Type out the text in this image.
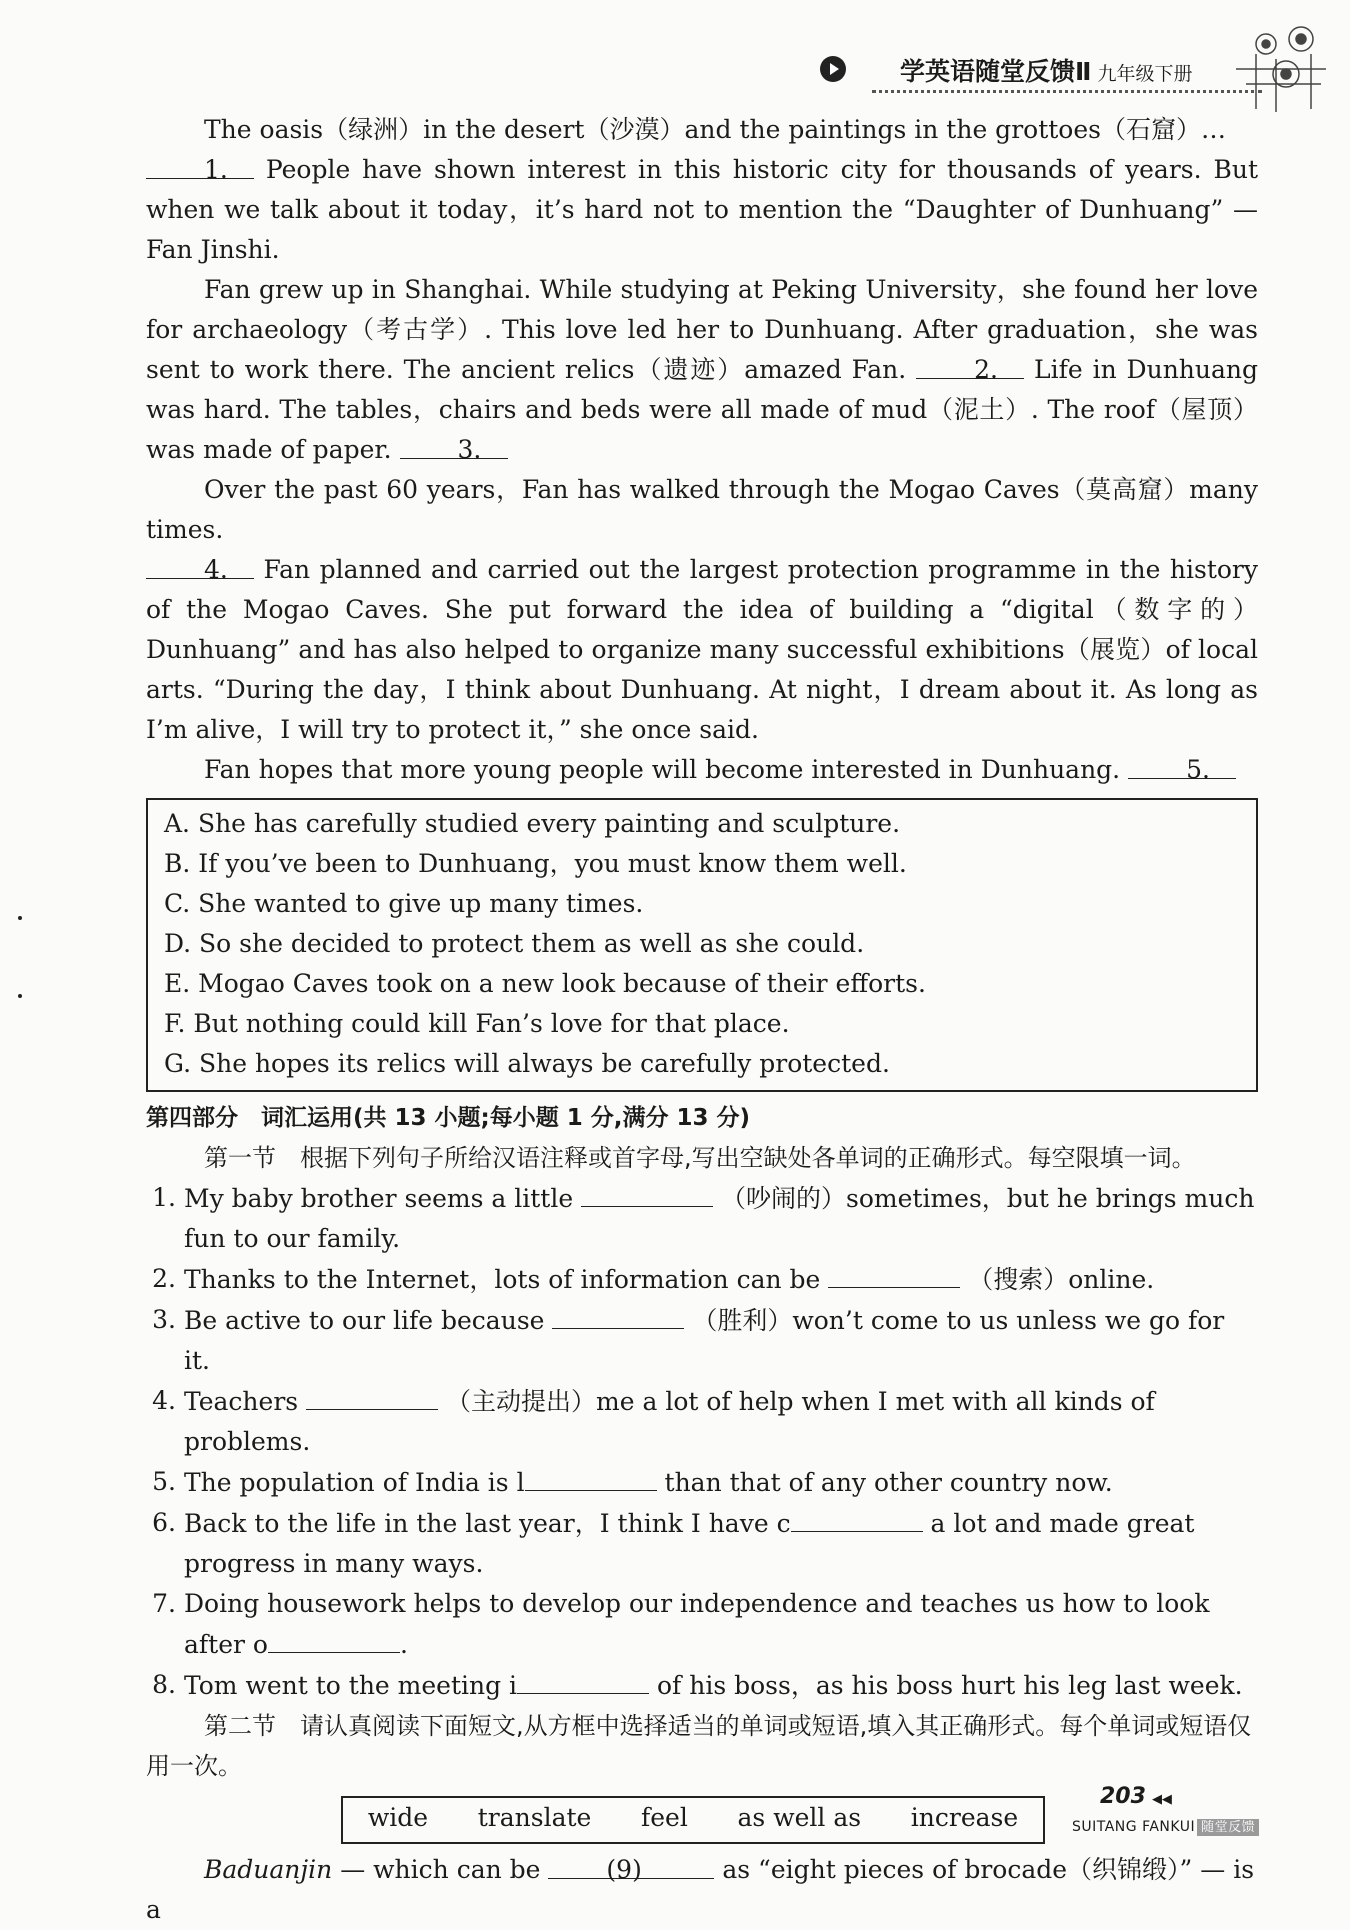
学英语随堂反馈Ⅱ 九年级下册

The oasis（绿洲）in the desert（沙漠）and the paintings in the grottoes（石窟）…
1. People have shown interest in this historic city for thousands of years. But when we talk about it today，it’s hard not to mention the “Daughter of Dunhuang” — Fan Jinshi.

Fan grew up in Shanghai. While studying at Peking University，she found her love for archaeology（考古学）. This love led her to Dunhuang. After graduation，she was sent to work there. The ancient relics（遗迹）amazed Fan.	2. Life in Dunhuang was hard. The tables，chairs and beds were all made of mud（泥土）. The roof（屋顶）was made of paper.	3.

Over the past 60 years，Fan has walked through the Mogao Caves（莫高窟）many times.
4. Fan planned and carried out the largest protection programme in the history of the Mogao Caves. She put forward the idea of building a “digital（数字的）Dunhuang” and has also helped to organize many successful exhibitions（展览）of local arts. “During the day，I think about Dunhuang. At night，I dream about it. As long as I’m alive，I will try to protect it，” she once said.

Fan hopes that more young people will become interested in Dunhuang.	5.

A. She has carefully studied every painting and sculpture.
B. If you’ve been to Dunhuang，you must know them well.
C. She wanted to give up many times.
D. So she decided to protect them as well as she could.
E. Mogao Caves took on a new look because of their efforts.
F. But nothing could kill Fan’s love for that place.
G. She hopes its relics will always be carefully protected.
第四部分　词汇运用(共 13 小题;每小题 1 分,满分 13 分)

第一节　根据下列句子所给汉语注释或首字母,写出空缺处各单词的正确形式。每空限填一词。

1. My baby brother seems a little	（吵闹的）sometimes，but he brings much fun to our family.
2. Thanks to the Internet，lots of information can be	（搜索）online.
3. Be active to our life because	（胜利）won’t come to us unless we go for it.
4. Teachers	（主动提出）me a lot of help when I met with all kinds of problems.
5. The population of India is l	than that of any other country now.
6. Back to the life in the last year，I think I have c	a lot and made great progress in many ways.
7. Doing housework helps to develop our independence and teaches us how to look after o	.
8. Tom went to the meeting i	of his boss，as his boss hurt his leg last week.

第二节　请认真阅读下面短文,从方框中选择适当的单词或短语,填入其正确形式。每个单词或短语仅用一次。

wide translate feel as well as increase

Baduanjin — which can be	(9)	as “eight pieces of brocade（织锦缎）” — is a

203 ◀◀
SUITANG FANKUI 随堂反馈
